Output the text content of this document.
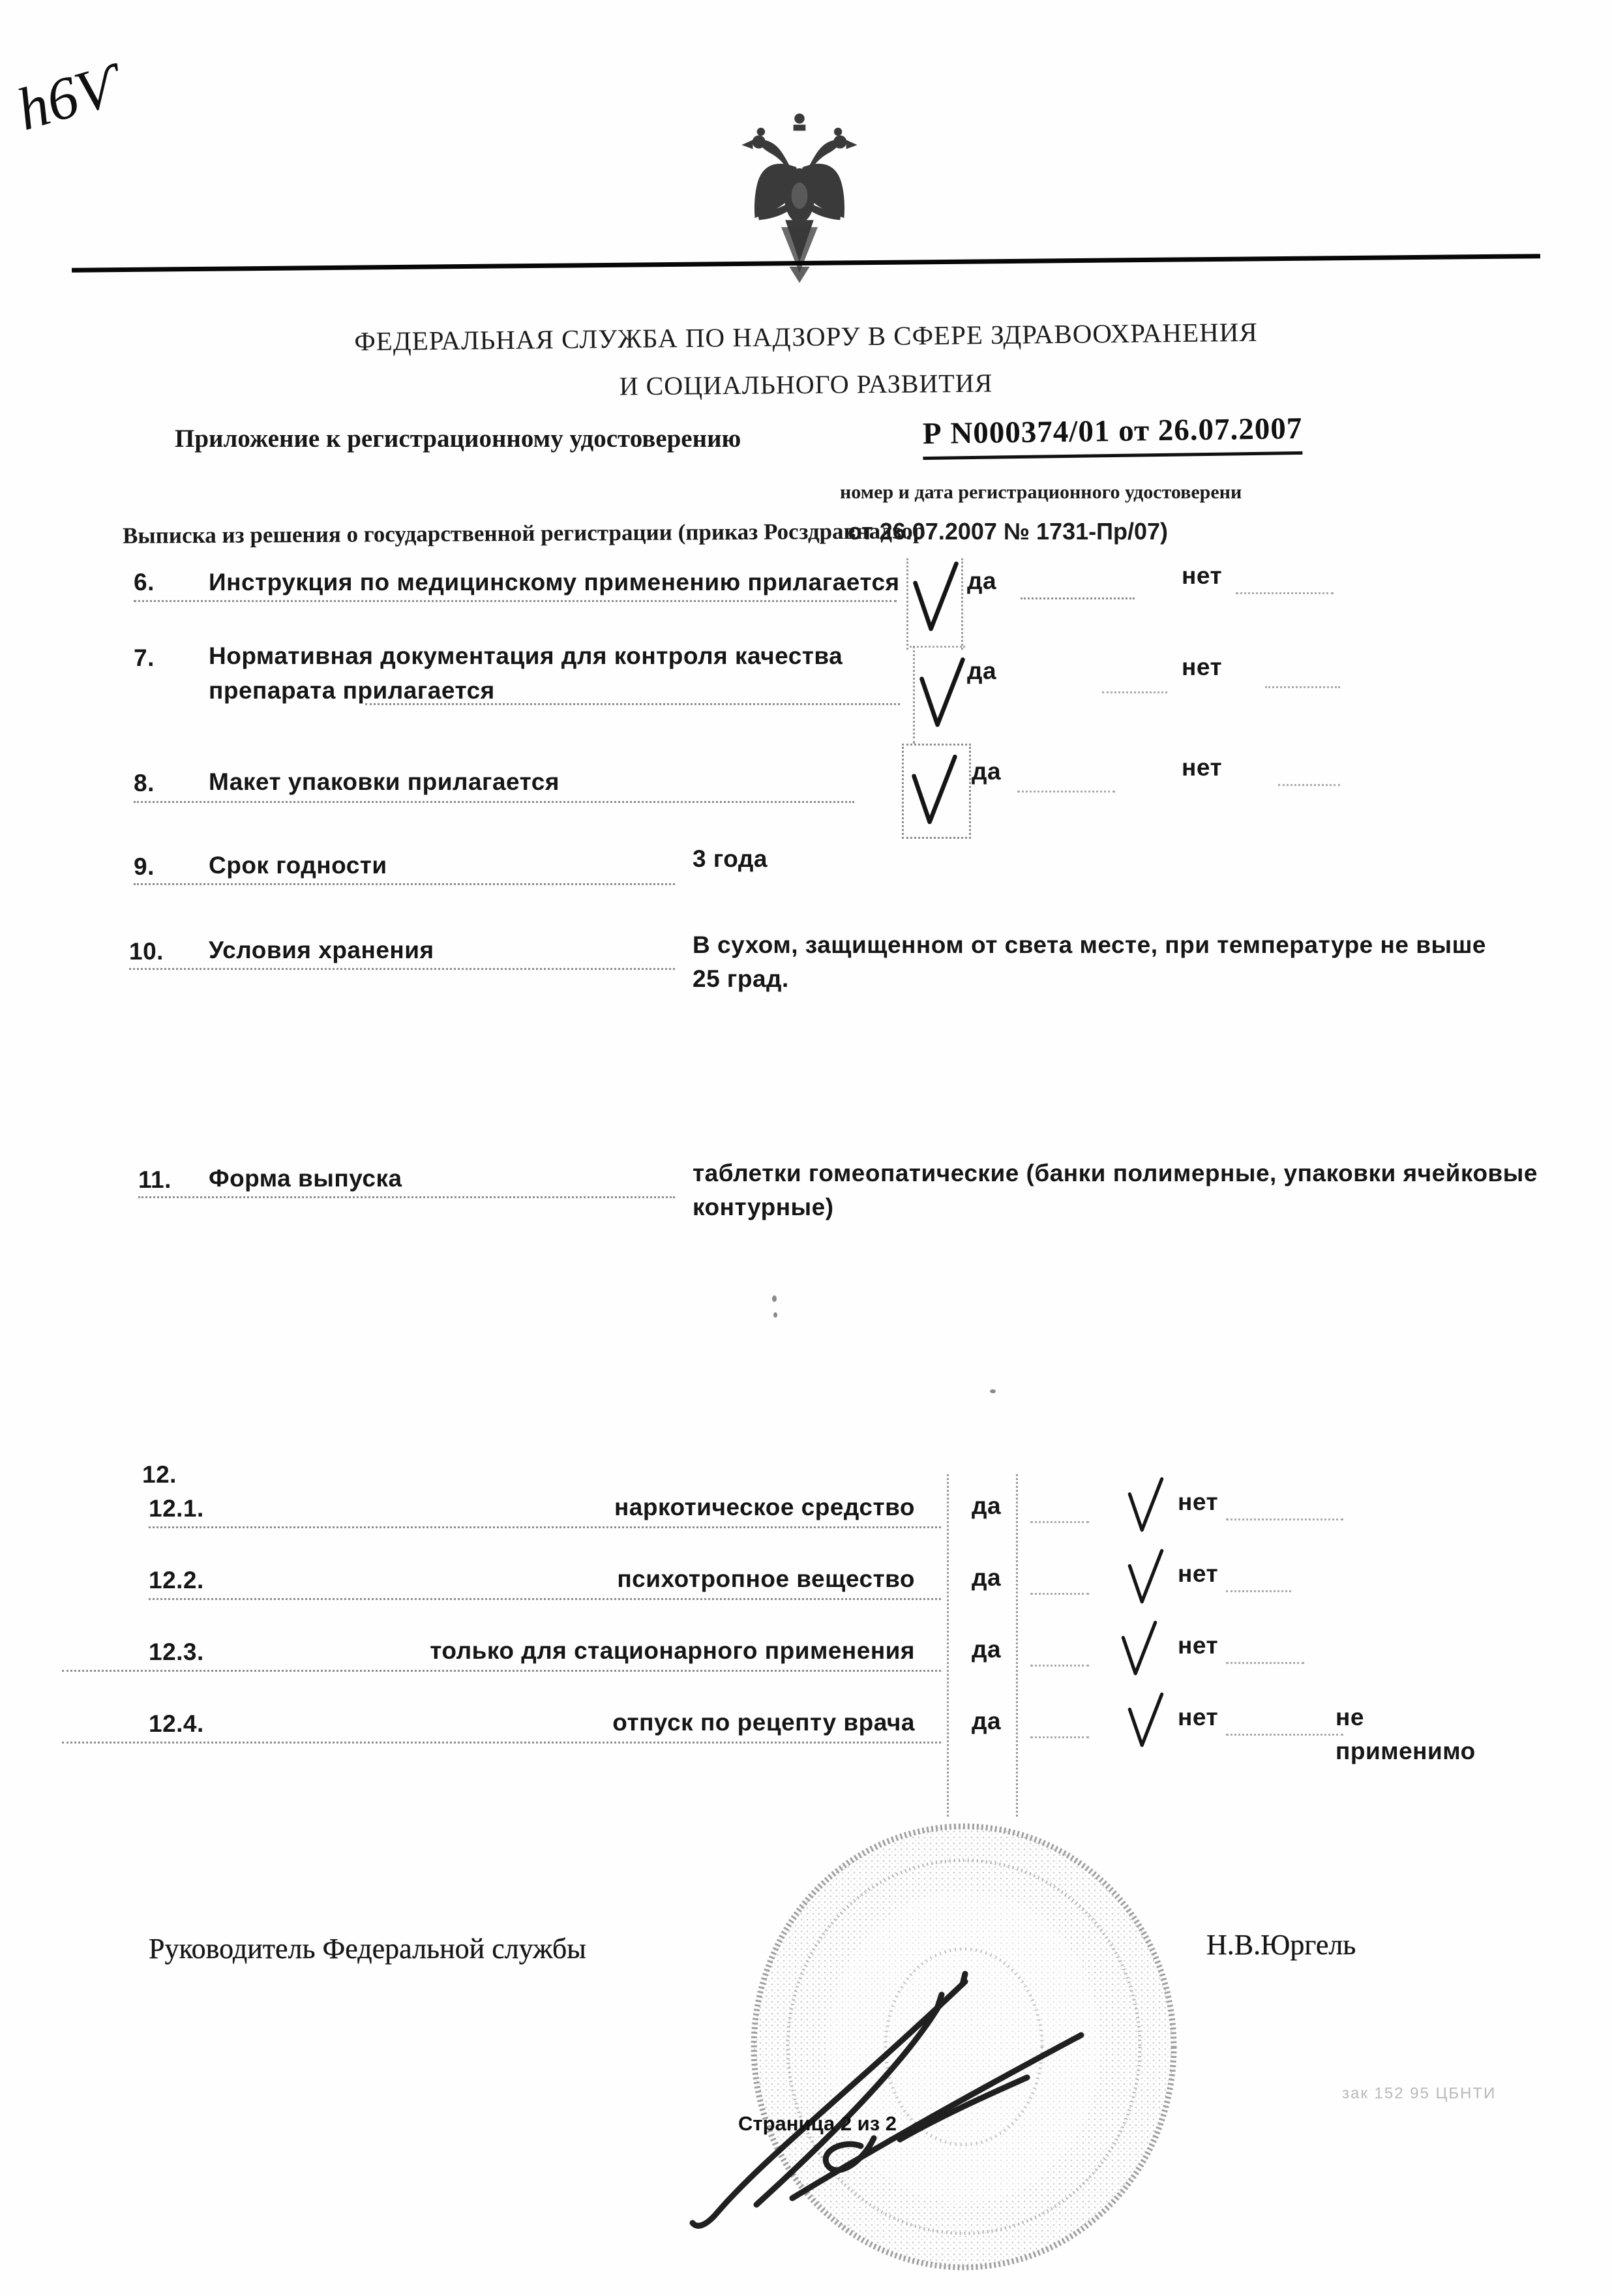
h6Ѵ
ФЕДЕРАЛЬНАЯ СЛУЖБА ПО НАДЗОРУ В СФЕРЕ ЗДРАВООХРАНЕНИЯ
И СОЦИАЛЬНОГО РАЗВИТИЯ
Приложение к регистрационному удостоверению	Р N000374/01 от 26.07.2007
номер и дата регистрационного удостоверени
Выписка из решения о государственной регистрации (приказ Росздравнадзор
от 26.07.2007 № 1731-Пр/07)
6. Инструкция по медицинскому применению прилагается	да	нет
7. Нормативная документация для контроля качества
препарата прилагается
да	нет
8. Макет упаковки прилагается	да	нет
9. Срок годности	3 года
10. Условия хранения	В сухом, защищенном от света месте, при температуре не выше
25 град.
11. Форма выпуска	таблетки гомеопатические (банки полимерные, упаковки ячейковые
контурные)
12.
12.1.	наркотическое средство да	нет
12.2.	психотропное вещество да	нет
12.3.	только для стационарного применения да	нет
12.4.	отпуск по рецепту врача да	нет	не
применимо
Руководитель Федеральной службы	Н.В.Юргель
Страница 2 из 2
зак 152 95 ЦБНТИ
